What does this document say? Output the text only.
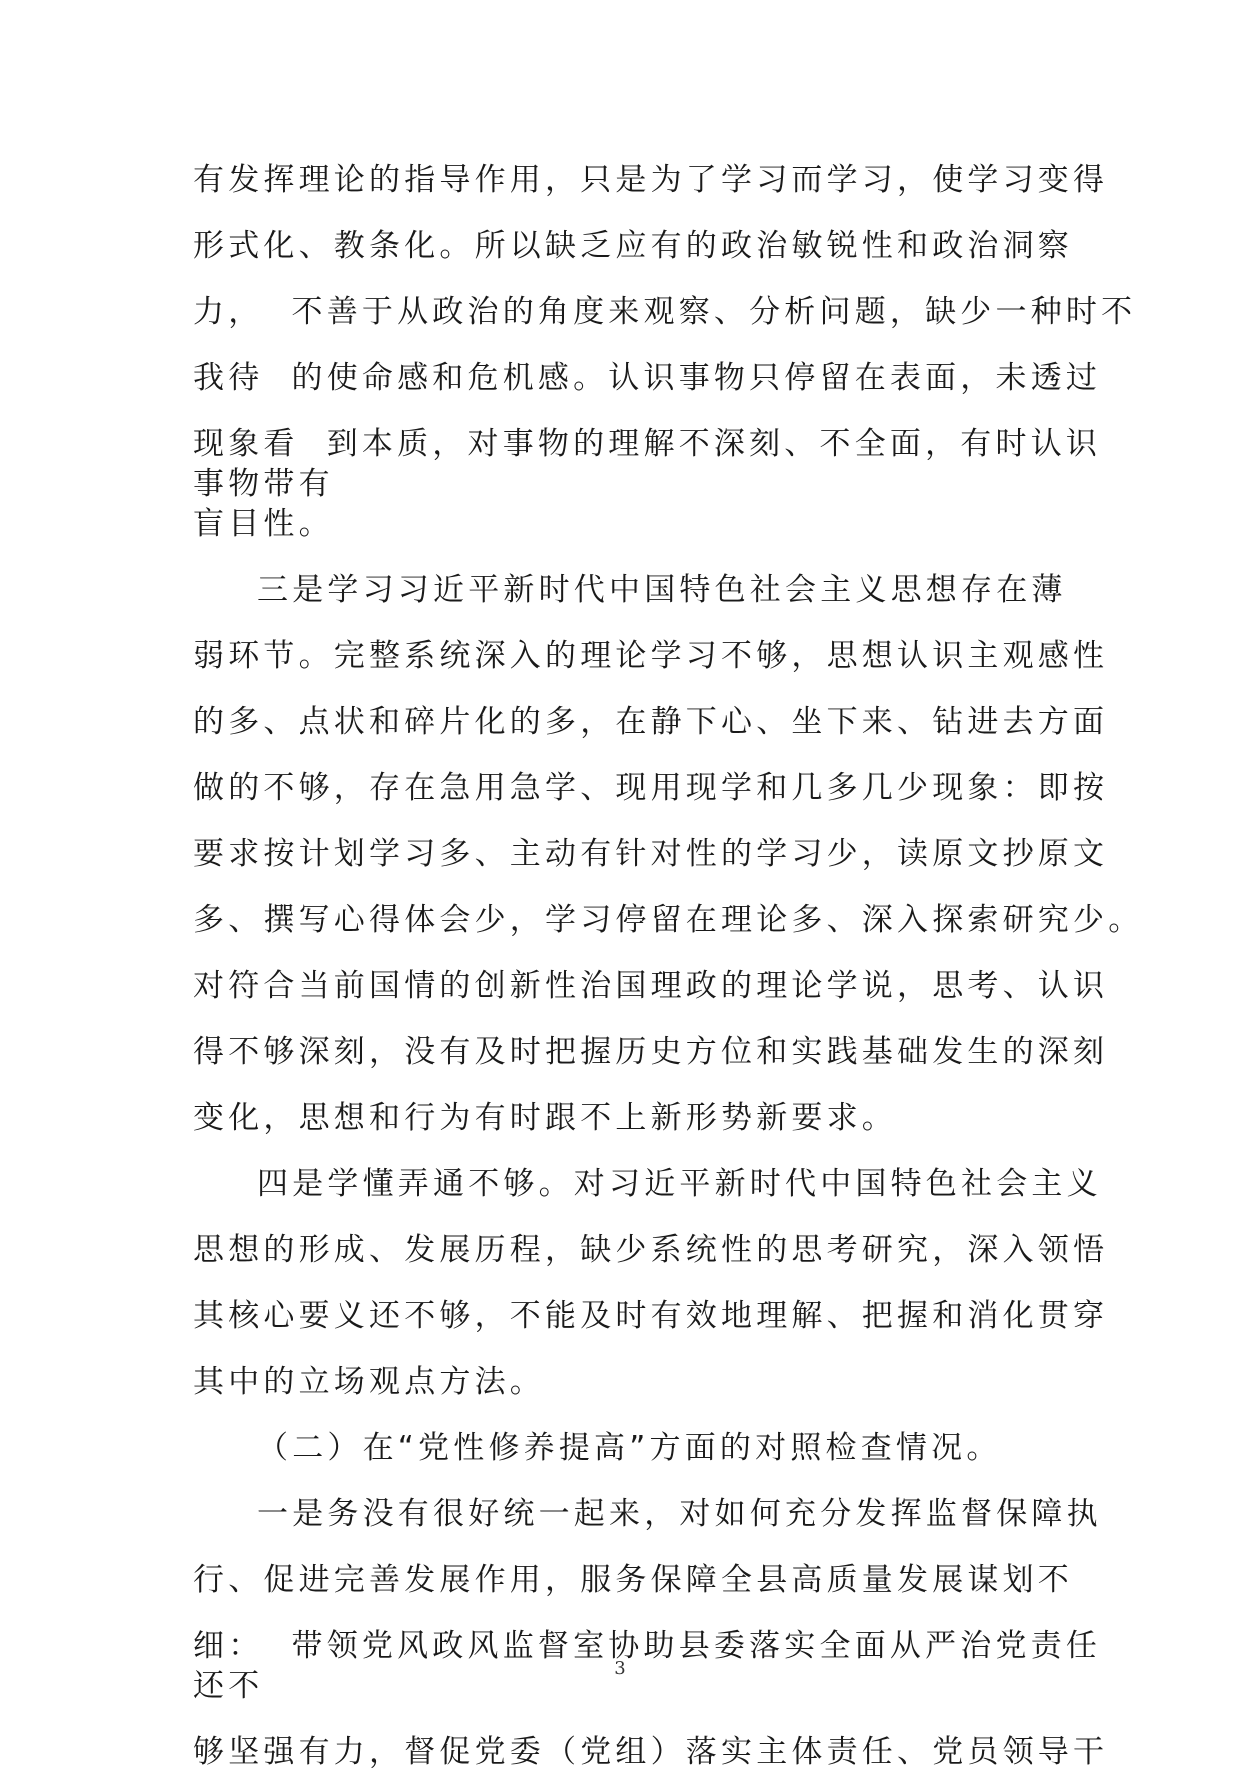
有发挥理论的指导作用，只是为了学习而学习，使学习变得
形式化、教条化。所以缺乏应有的政治敏锐性和政治洞察
力，  不善于从政治的角度来观察、分析问题，缺少一种时不
我待  的使命感和危机感。认识事物只停留在表面，未透过
现象看  到本质，对事物的理解不深刻、不全面，有时认识
事物带有
盲目性。
三是学习习近平新时代中国特色社会主义思想存在薄
弱环节。完整系统深入的理论学习不够，思想认识主观感性
的多、点状和碎片化的多，在静下心、坐下来、钻进去方面
做的不够，存在急用急学、现用现学和几多几少现象：即按
要求按计划学习多、主动有针对性的学习少，读原文抄原文
多、撰写心得体会少，学习停留在理论多、深入探索研究少。
对符合当前国情的创新性治国理政的理论学说，思考、认识
得不够深刻，没有及时把握历史方位和实践基础发生的深刻
变化，思想和行为有时跟不上新形势新要求。
四是学懂弄通不够。对习近平新时代中国特色社会主义
思想的形成、发展历程，缺少系统性的思考研究，深入领悟
其核心要义还不够，不能及时有效地理解、把握和消化贯穿
其中的立场观点方法。
（二）在“党性修养提高”方面的对照检查情况。
一是务没有很好统一起来，对如何充分发挥监督保障执
行、促进完善发展作用，服务保障全县高质量发展谋划不
细：  带领党风政风监督室协助县委落实全面从严治党责任
还不
够坚强有力，督促党委（党组）落实主体责任、党员领导干
3
